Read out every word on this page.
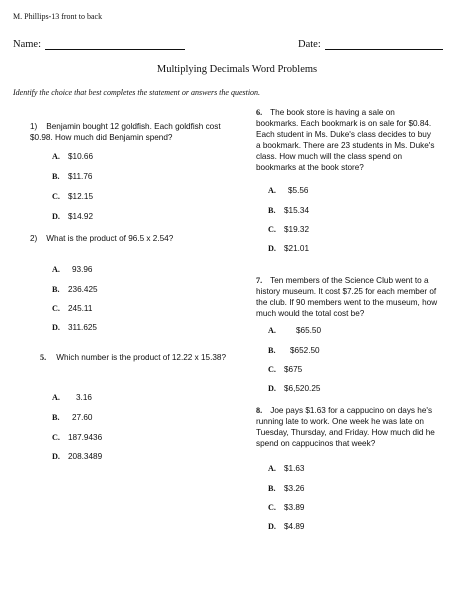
M. Phillips-13 front to back
Name:	Date:
Multiplying Decimals Word Problems
Identify the choice that best completes the statement or answers the question.
1) Benjamin bought 12 goldfish. Each goldfish cost $0.98. How much did Benjamin spend?
A. $10.66
B. $11.76
C. $12.15
D. $14.92
2) What is the product of 96.5 x 2.54?
A. 93.96
B. 236.425
C. 245.11
D. 311.625
5. Which number is the product of 12.22 x 15.38?
A. 3.16
B. 27.60
C. 187.9436
D. 208.3489
6. The book store is having a sale on bookmarks. Each bookmark is on sale for $0.84. Each student in Ms. Duke's class decides to buy a bookmark. There are 23 students in Ms. Duke's class. How much will the class spend on bookmarks at the book store?
A. $5.56
B. $15.34
C. $19.32
D. $21.01
7. Ten members of the Science Club went to a history museum. It cost $7.25 for each member of the club. If 90 members went to the museum, how much would the total cost be?
A. $65.50
B. $652.50
C. $675
D. $6,520.25
8. Joe pays $1.63 for a cappucino on days he's running late to work. One week he was late on Tuesday, Thursday, and Friday. How much did he spend on cappucinos that week?
A. $1.63
B. $3.26
C. $3.89
D. $4.89
